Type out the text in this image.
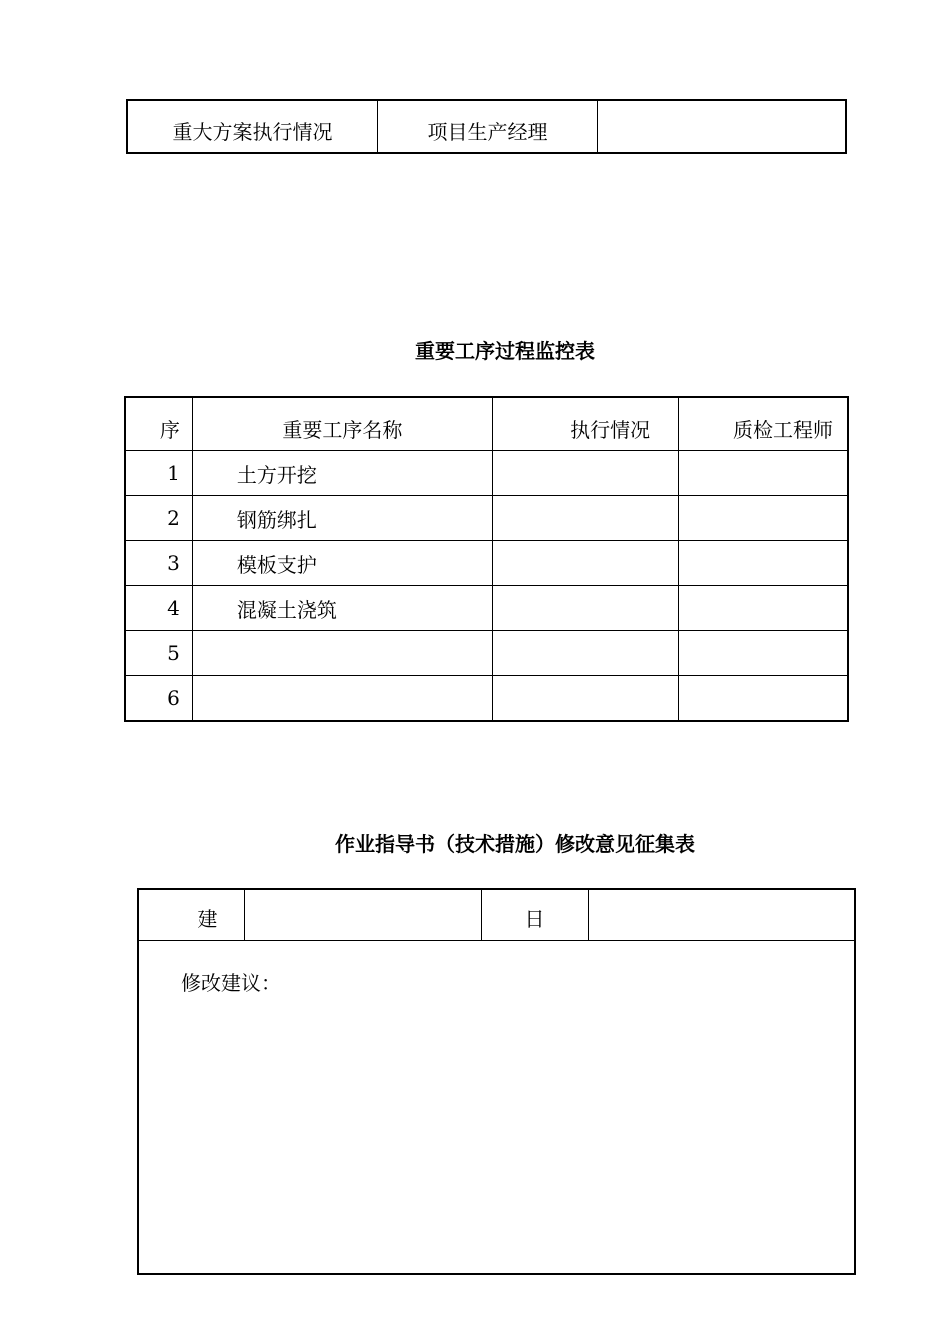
重大方案执行情况	项目生产经理	
重要工序过程监控表
序	重要工序名称	执行情况	质检工程师
1	土方开挖		
2	钢筋绑扎		
3	模板支护		
4	混凝土浇筑		
5			
6			
作业指导书（技术措施）修改意见征集表
建		日	
修改建议：
